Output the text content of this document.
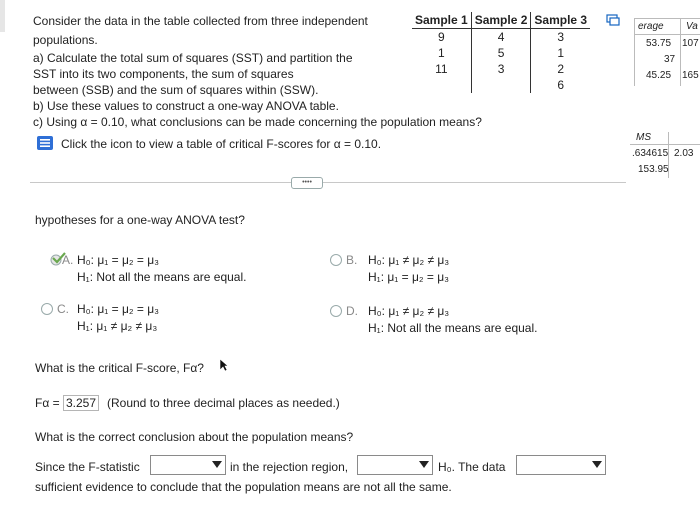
Consider the data in the table collected from three independent
populations.
a) Calculate the total sum of squares (SST) and partition the
SST into its two components, the sum of squares
between (SSB) and the sum of squares within (SSW).
b) Use these values to construct a one-way ANOVA table.
c) Using α = 0.10, what conclusions can be made concerning the population means?
Sample 1	Sample 2	Sample 3
9	4	3
1	5	1
11	3	2
		6
Click the icon to view a table of critical F-scores for α = 0.10.
erage Va
53.75 107
37
45.25 165
MS
.634615 2.03
153.95
••••
hypotheses for a one-way ANOVA test?
A. H₀: μ₁ = μ₂ = μ₃
H₁: Not all the means are equal.
B. H₀: μ₁ ≠ μ₂ ≠ μ₃
H₁: μ₁ = μ₂ = μ₃
C. H₀: μ₁ = μ₂ = μ₃
H₁: μ₁ ≠ μ₂ ≠ μ₃
D. H₀: μ₁ ≠ μ₂ ≠ μ₃
H₁: Not all the means are equal.
What is the critical F-score, Fα?
Fα = 3.257 (Round to three decimal places as needed.)
What is the correct conclusion about the population means?
Since the F-statistic	in the rejection region,	H₀. The data
sufficient evidence to conclude that the population means are not all the same.
